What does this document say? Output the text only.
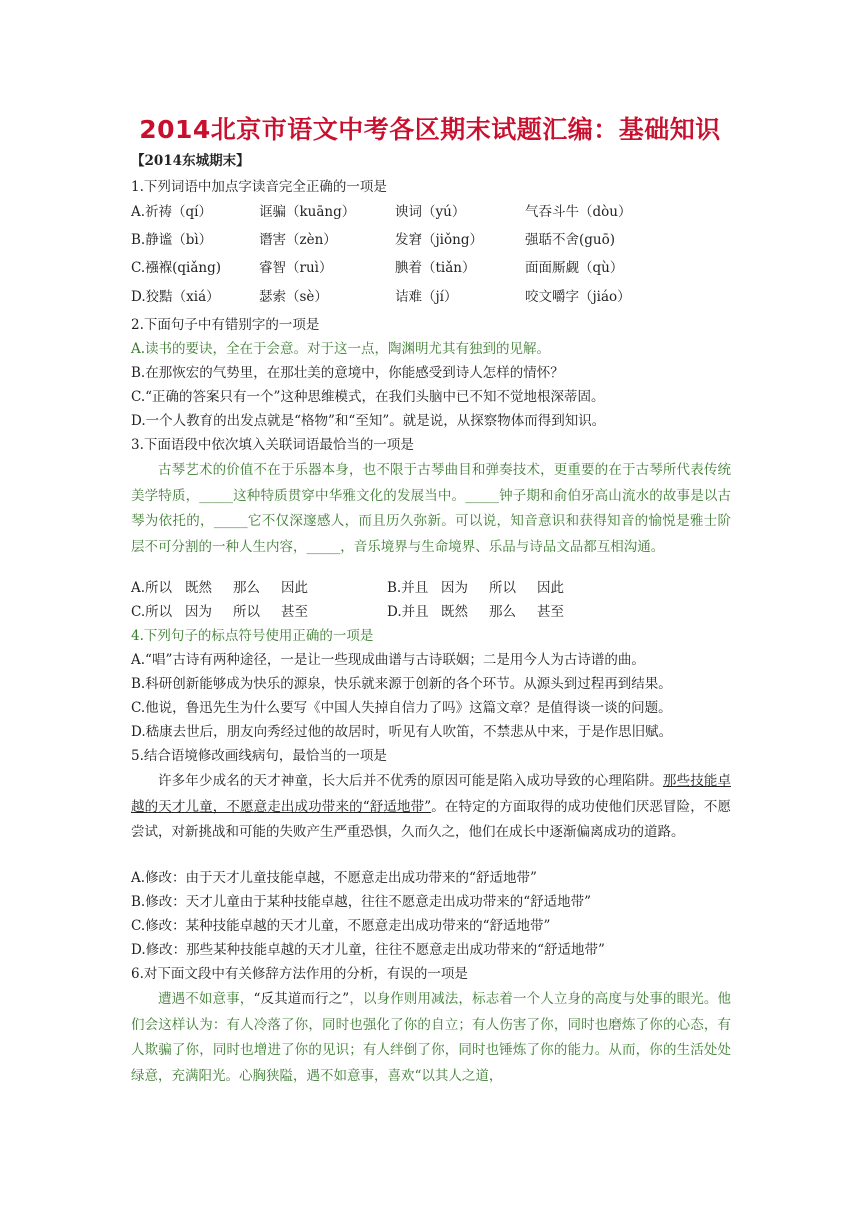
2014北京市语文中考各区期末试题汇编：基础知识
【2014东城期末】
1.下列词语中加点字读音完全正确的一项是
A.祈祷（qí）	诓骗（kuāng）	谀词（yú）	气吞斗牛（dòu）
B.静谧（bì）	谮害（zèn）	发窘（jiǒng）	强聒不舍(guō)
C.襁褓(qiǎng)	睿智（ruì）	腆着（tiǎn）	面面厮觑（qù）
D.狡黠（xiá）	瑟索（sè）	诘难（jí）	咬文嚼字（jiáo）
2.下面句子中有错别字的一项是
A.读书的要诀，全在于会意。对于这一点，陶渊明尤其有独到的见解。
B.在那恢宏的气势里，在那壮美的意境中，你能感受到诗人怎样的情怀？
C.“正确的答案只有一个”这种思维模式，在我们头脑中已不知不觉地根深蒂固。
D.一个人教育的出发点就是“格物”和“至知”。就是说，从探察物体而得到知识。
3.下面语段中依次填入关联词语最恰当的一项是

古琴艺术的价值不在于乐器本身，也不限于古琴曲目和弹奏技术，更重要的在于古琴所代表传统美学特质，_____这种特质贯穿中华雅文化的发展当中。_____钟子期和俞伯牙高山流水的故事是以古琴为依托的，_____它不仅深邃感人，而且历久弥新。可以说，知音意识和获得知音的愉悦是雅士阶层不可分割的一种人生内容，_____，音乐境界与生命境界、乐品与诗品文品都互相沟通。

A.所以 既然 那么 因此	B.并且 因为 所以 因此
C.所以 因为 所以 甚至	D.并且 既然 那么 甚至
4.下列句子的标点符号使用正确的一项是
A.“唱”古诗有两种途径，一是让一些现成曲谱与古诗联姻；二是用今人为古诗谱的曲。
B.科研创新能够成为快乐的源泉，快乐就来源于创新的各个环节。从源头到过程再到结果。
C.他说，鲁迅先生为什么要写《中国人失掉自信力了吗》这篇文章？是值得谈一谈的问题。
D.嵇康去世后，朋友向秀经过他的故居时，听见有人吹笛，不禁悲从中来，于是作思旧赋。
5.结合语境修改画线病句，最恰当的一项是

许多年少成名的天才神童，长大后并不优秀的原因可能是陷入成功导致的心理陷阱。那些技能卓越的天才儿童，不愿意走出成功带来的“舒适地带”。在特定的方面取得的成功使他们厌恶冒险，不愿尝试，对新挑战和可能的失败产生严重恐惧，久而久之，他们在成长中逐渐偏离成功的道路。

A.修改：由于天才儿童技能卓越，不愿意走出成功带来的“舒适地带”
B.修改：天才儿童由于某种技能卓越，往往不愿意走出成功带来的“舒适地带”
C.修改：某种技能卓越的天才儿童，不愿意走出成功带来的“舒适地带”
D.修改：那些某种技能卓越的天才儿童，往往不愿意走出成功带来的“舒适地带”
6.对下面文段中有关修辞方法作用的分析，有误的一项是

遭遇不如意事，“反其道而行之”，以身作则用减法，标志着一个人立身的高度与处事的眼光。他们会这样认为：有人冷落了你，同时也强化了你的自立；有人伤害了你，同时也磨炼了你的心态，有人欺骗了你，同时也增进了你的见识；有人绊倒了你，同时也锤炼了你的能力。从而，你的生活处处绿意，充满阳光。心胸狭隘，遇不如意事，喜欢“以其人之道，
